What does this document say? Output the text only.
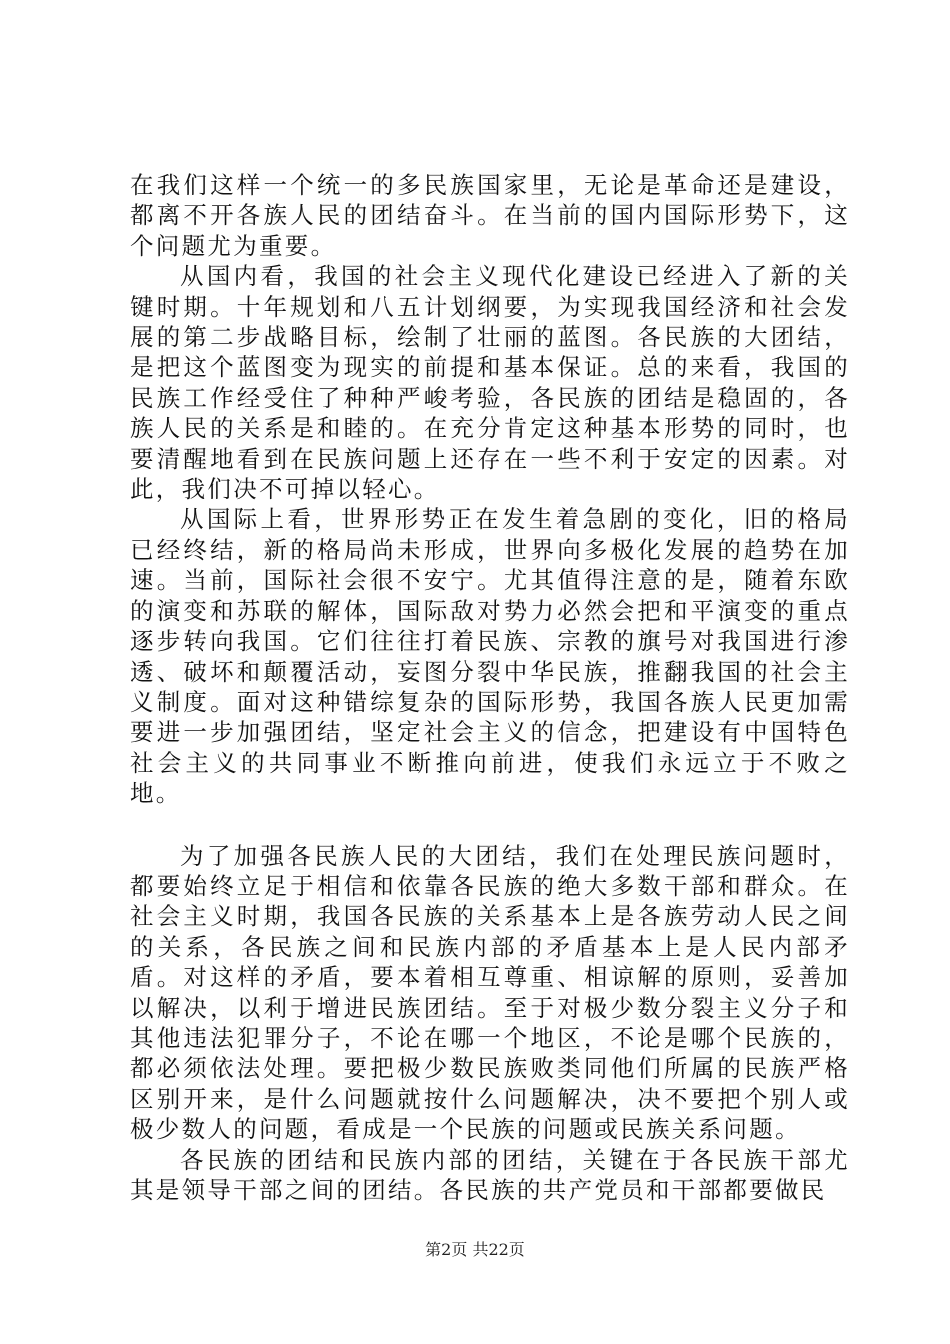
在我们这样一个统一的多民族国家里，无论是革命还是建设，都离不开各族人民的团结奋斗。在当前的国内国际形势下，这个问题尤为重要。

从国内看，我国的社会主义现代化建设已经进入了新的关键时期。十年规划和八五计划纲要，为实现我国经济和社会发展的第二步战略目标，绘制了壮丽的蓝图。各民族的大团结，是把这个蓝图变为现实的前提和基本保证。总的来看，我国的民族工作经受住了种种严峻考验，各民族的团结是稳固的，各族人民的关系是和睦的。在充分肯定这种基本形势的同时，也要清醒地看到在民族问题上还存在一些不利于安定的因素。对此，我们决不可掉以轻心。

从国际上看，世界形势正在发生着急剧的变化，旧的格局已经终结，新的格局尚未形成，世界向多极化发展的趋势在加速。当前，国际社会很不安宁。尤其值得注意的是，随着东欧的演变和苏联的解体，国际敌对势力必然会把和平演变的重点逐步转向我国。它们往往打着民族、宗教的旗号对我国进行渗透、破坏和颠覆活动，妄图分裂中华民族，推翻我国的社会主义制度。面对这种错综复杂的国际形势，我国各族人民更加需要进一步加强团结，坚定社会主义的信念，把建设有中国特色社会主义的共同事业不断推向前进，使我们永远立于不败之地。

为了加强各民族人民的大团结，我们在处理民族问题时，都要始终立足于相信和依靠各民族的绝大多数干部和群众。在社会主义时期，我国各民族的关系基本上是各族劳动人民之间的关系，各民族之间和民族内部的矛盾基本上是人民内部矛盾。对这样的矛盾，要本着相互尊重、相谅解的原则，妥善加以解决，以利于增进民族团结。至于对极少数分裂主义分子和其他违法犯罪分子，不论在哪一个地区，不论是哪个民族的，都必须依法处理。要把极少数民族败类同他们所属的民族严格区别开来，是什么问题就按什么问题解决，决不要把个别人或极少数人的问题，看成是一个民族的问题或民族关系问题。

各民族的团结和民族内部的团结，关键在于各民族干部尤其是领导干部之间的团结。各民族的共产党员和干部都要做民

第2页 共22页
